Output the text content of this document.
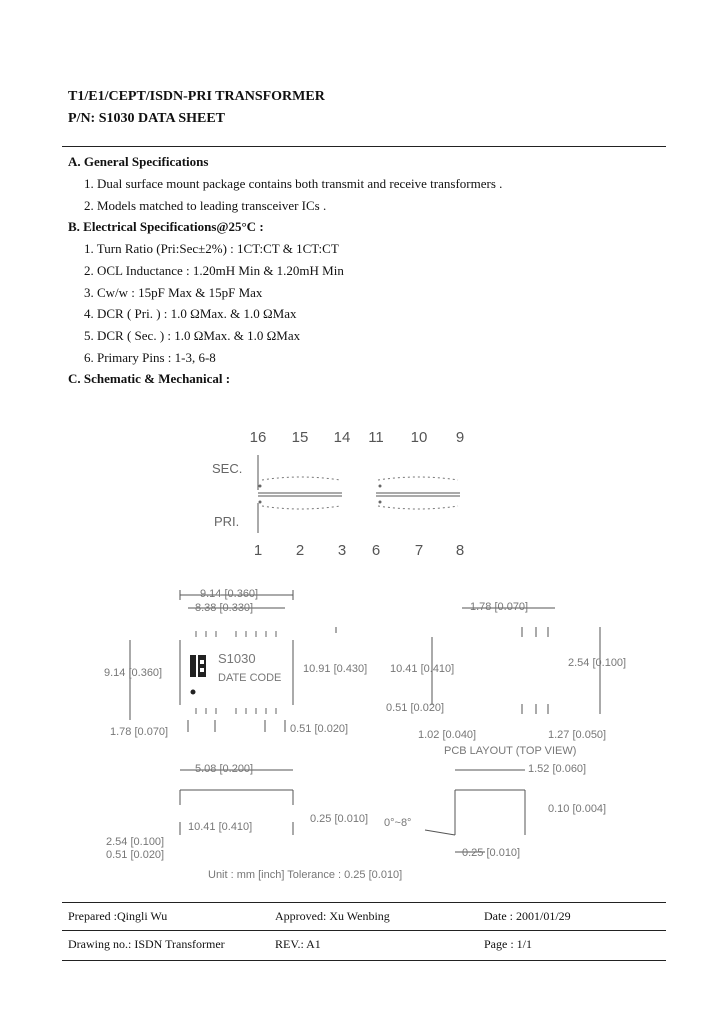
T1/E1/CEPT/ISDN-PRI TRANSFORMER
P/N: S1030 DATA SHEET
A. General Specifications
1. Dual surface mount package contains both transmit and receive transformers .
2. Models matched to leading transceiver ICs .
B. Electrical Specifications@25°C :
1. Turn Ratio (Pri:Sec±2%) : 1CT:CT & 1CT:CT
2. OCL Inductance : 1.20mH Min & 1.20mH Min
3. Cw/w : 15pF Max & 15pF Max
4. DCR ( Pri. ) : 1.0 ΩMax. & 1.0 ΩMax
5. DCR ( Sec. ) : 1.0 ΩMax. & 1.0 ΩMax
6. Primary Pins : 1-3, 6-8
C. Schematic & Mechanical :
16 15 14 11 10 9
1 2 3 6 7 8
SEC.
PRI.
9.14 [0.360]
8.38 [0.330]
S1030
DATE CODE
9.14 [0.360]
1.78 [0.070]	0.51 [0.020]
10.91 [0.430]
5.08 [0.200]
10.41 [0.410]
0.25 [0.010]
2.54 [0.100]
0.51 [0.020]
0°~8°
1.78 [0.070]
2.54 [0.100]
10.41 [0.410]
0.51 [0.020]
1.02 [0.040]	1.27 [0.050]
PCB LAYOUT (TOP VIEW)
1.52 [0.060]
0.10 [0.004]
0.25 [0.010]
Unit : mm [inch] Tolerance : 0.25 [0.010]
Prepared :Qingli Wu	Approved: Xu Wenbing	Date : 2001/01/29
Drawing no.: ISDN Transformer	REV.: A1	Page : 1/1
